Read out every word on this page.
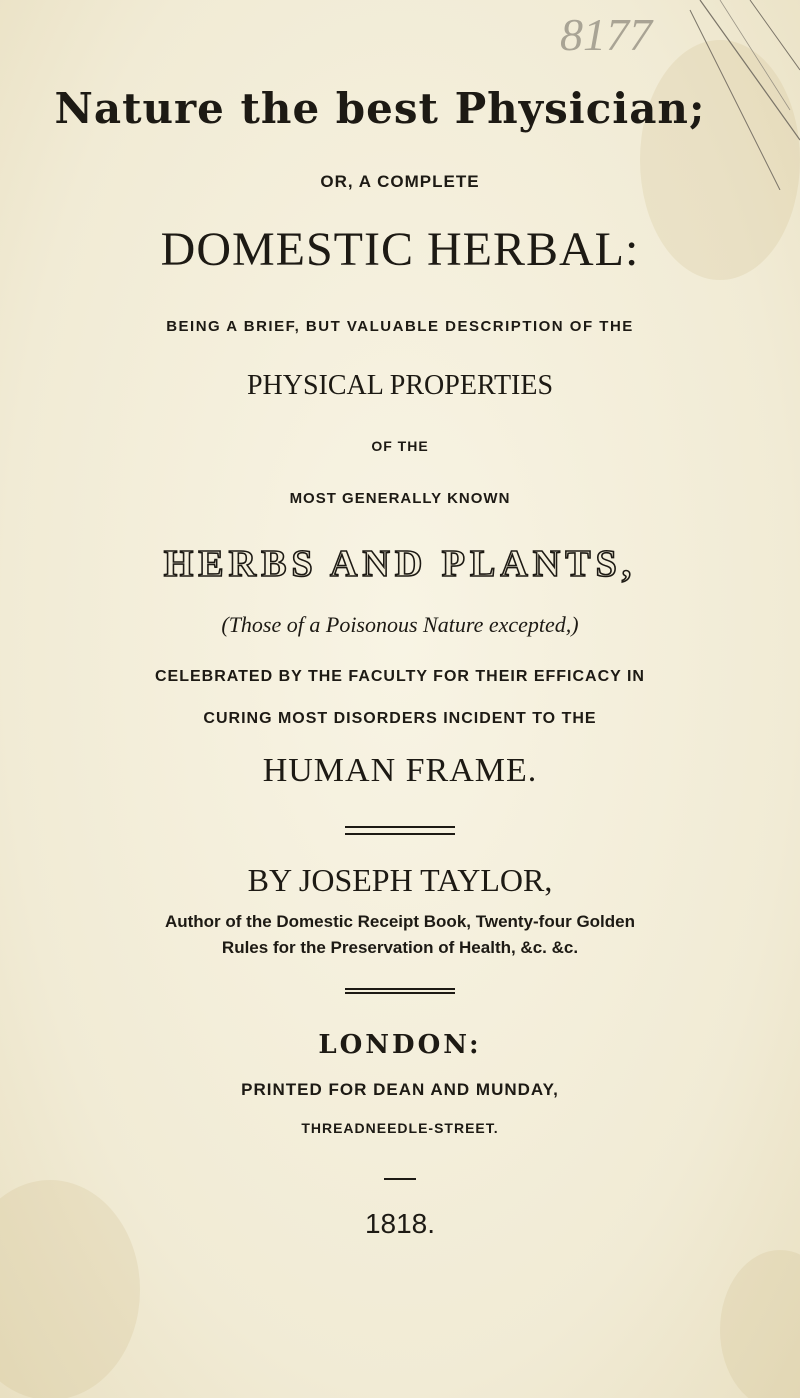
8177
Nature the best Physician;
OR, A COMPLETE
DOMESTIC HERBAL:
BEING A BRIEF, BUT VALUABLE DESCRIPTION OF THE
PHYSICAL PROPERTIES
OF THE
MOST GENERALLY KNOWN
HERBS AND PLANTS,
(Those of a Poisonous Nature excepted,)
CELEBRATED BY THE FACULTY FOR THEIR EFFICACY IN
CURING MOST DISORDERS INCIDENT TO THE
HUMAN FRAME.
BY JOSEPH TAYLOR,
Author of the Domestic Receipt Book, Twenty-four Golden
Rules for the Preservation of Health, &c. &c.
LONDON:
PRINTED FOR DEAN AND MUNDAY,
THREADNEEDLE-STREET.
1818.
